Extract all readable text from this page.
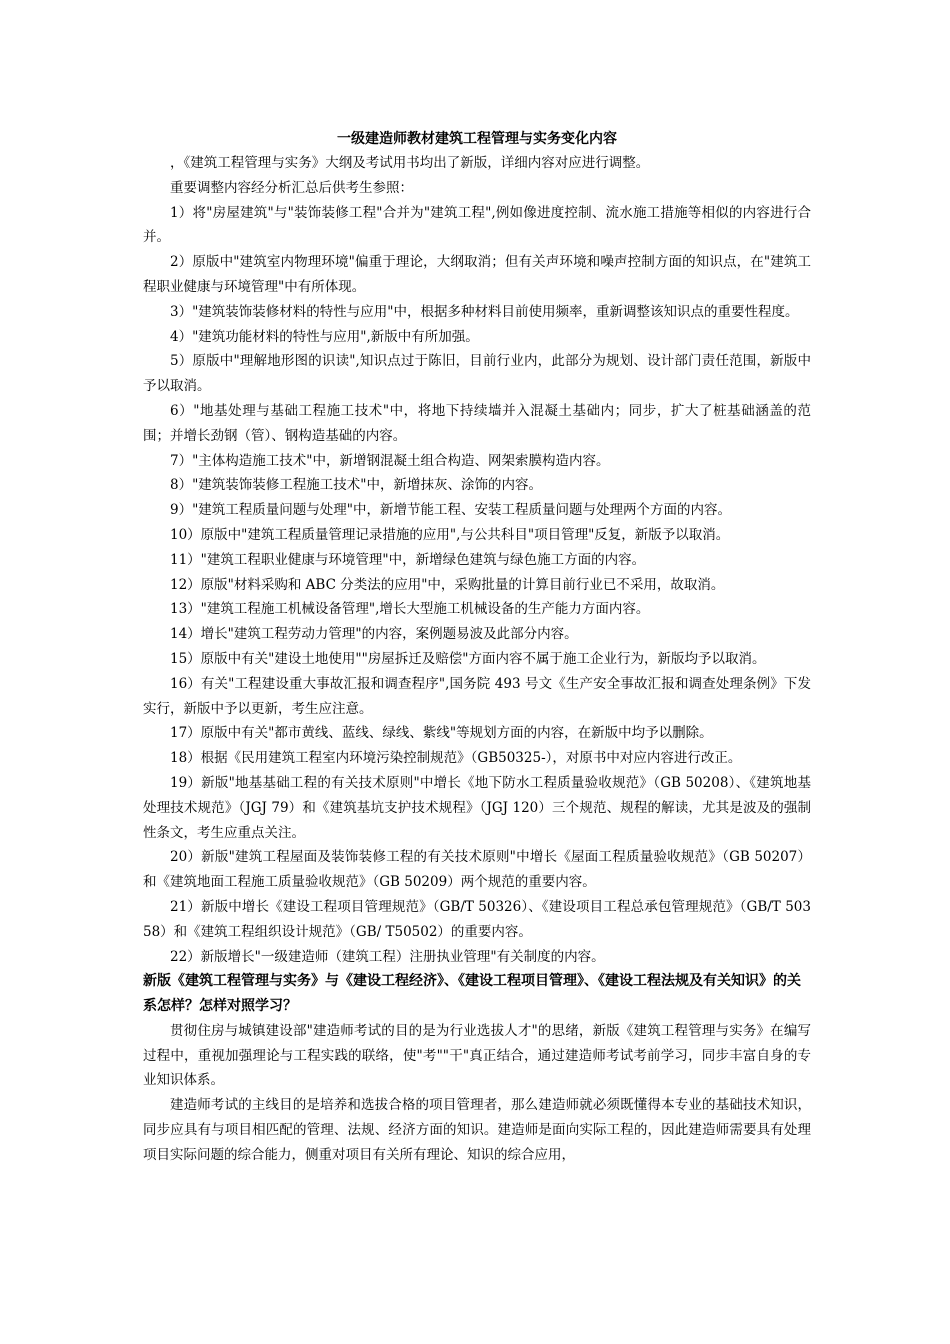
一级建造师教材建筑工程管理与实务变化内容

，《建筑工程管理与实务》大纲及考试用书均出了新版，详细内容对应进行调整。

重要调整内容经分析汇总后供考生参照：

1）将"房屋建筑"与"装饰装修工程"合并为"建筑工程",例如像进度控制、流水施工措施等相似的内容进行合并。

2）原版中"建筑室内物理环境"偏重于理论，大纲取消；但有关声环境和噪声控制方面的知识点，在"建筑工程职业健康与环境管理"中有所体现。

3）"建筑装饰装修材料的特性与应用"中，根据多种材料目前使用频率，重新调整该知识点的重要性程度。

4）"建筑功能材料的特性与应用",新版中有所加强。

5）原版中"理解地形图的识读",知识点过于陈旧，目前行业内，此部分为规划、设计部门责任范围，新版中予以取消。

6）"地基处理与基础工程施工技术"中，将地下持续墙并入混凝土基础内；同步，扩大了桩基础涵盖的范围；并增长劲钢（管）、钢构造基础的内容。

7）"主体构造施工技术"中，新增钢混凝土组合构造、网架索膜构造内容。

8）"建筑装饰装修工程施工技术"中，新增抹灰、涂饰的内容。

9）"建筑工程质量问题与处理"中，新增节能工程、安装工程质量问题与处理两个方面的内容。

10）原版中"建筑工程质量管理记录措施的应用",与公共科目"项目管理"反复，新版予以取消。

11）"建筑工程职业健康与环境管理"中，新增绿色建筑与绿色施工方面的内容。

12）原版"材料采购和 ABC 分类法的应用"中，采购批量的计算目前行业已不采用，故取消。

13）"建筑工程施工机械设备管理",增长大型施工机械设备的生产能力方面内容。

14）增长"建筑工程劳动力管理"的内容，案例题易波及此部分内容。

15）原版中有关"建设土地使用""房屋拆迁及赔偿"方面内容不属于施工企业行为，新版均予以取消。

16）有关"工程建设重大事故汇报和调查程序",国务院 493 号文《生产安全事故汇报和调查处理条例》下发实行，新版中予以更新，考生应注意。

17）原版中有关"都市黄线、蓝线、绿线、紫线"等规划方面的内容，在新版中均予以删除。

18）根据《民用建筑工程室内环境污染控制规范》（GB50325-），对原书中对应内容进行改正。

19）新版"地基基础工程的有关技术原则"中增长《地下防水工程质量验收规范》（GB 50208）、《建筑地基处理技术规范》（JGJ 79）和《建筑基坑支护技术规程》（JGJ 120）三个规范、规程的解读，尤其是波及的强制性条文，考生应重点关注。

20）新版"建筑工程屋面及装饰装修工程的有关技术原则"中增长《屋面工程质量验收规范》（GB 50207）和《建筑地面工程施工质量验收规范》（GB 50209）两个规范的重要内容。

21）新版中增长《建设工程项目管理规范》（GB/T 50326）、《建设项目工程总承包管理规范》（GB/T 50358）和《建筑工程组织设计规范》（GB/ T50502）的重要内容。

22）新版增长"一级建造师（建筑工程）注册执业管理"有关制度的内容。

新版《建筑工程管理与实务》与《建设工程经济》、《建设工程项目管理》、《建设工程法规及有关知识》的关系怎样？怎样对照学习？

贯彻住房与城镇建设部"建造师考试的目的是为行业选拔人才"的思绪，新版《建筑工程管理与实务》在编写过程中，重视加强理论与工程实践的联络，使"考""干"真正结合，通过建造师考试考前学习，同步丰富自身的专业知识体系。

建造师考试的主线目的是培养和选拔合格的项目管理者，那么建造师就必须既懂得本专业的基础技术知识，同步应具有与项目相匹配的管理、法规、经济方面的知识。建造师是面向实际工程的，因此建造师需要具有处理项目实际问题的综合能力，侧重对项目有关所有理论、知识的综合应用，
